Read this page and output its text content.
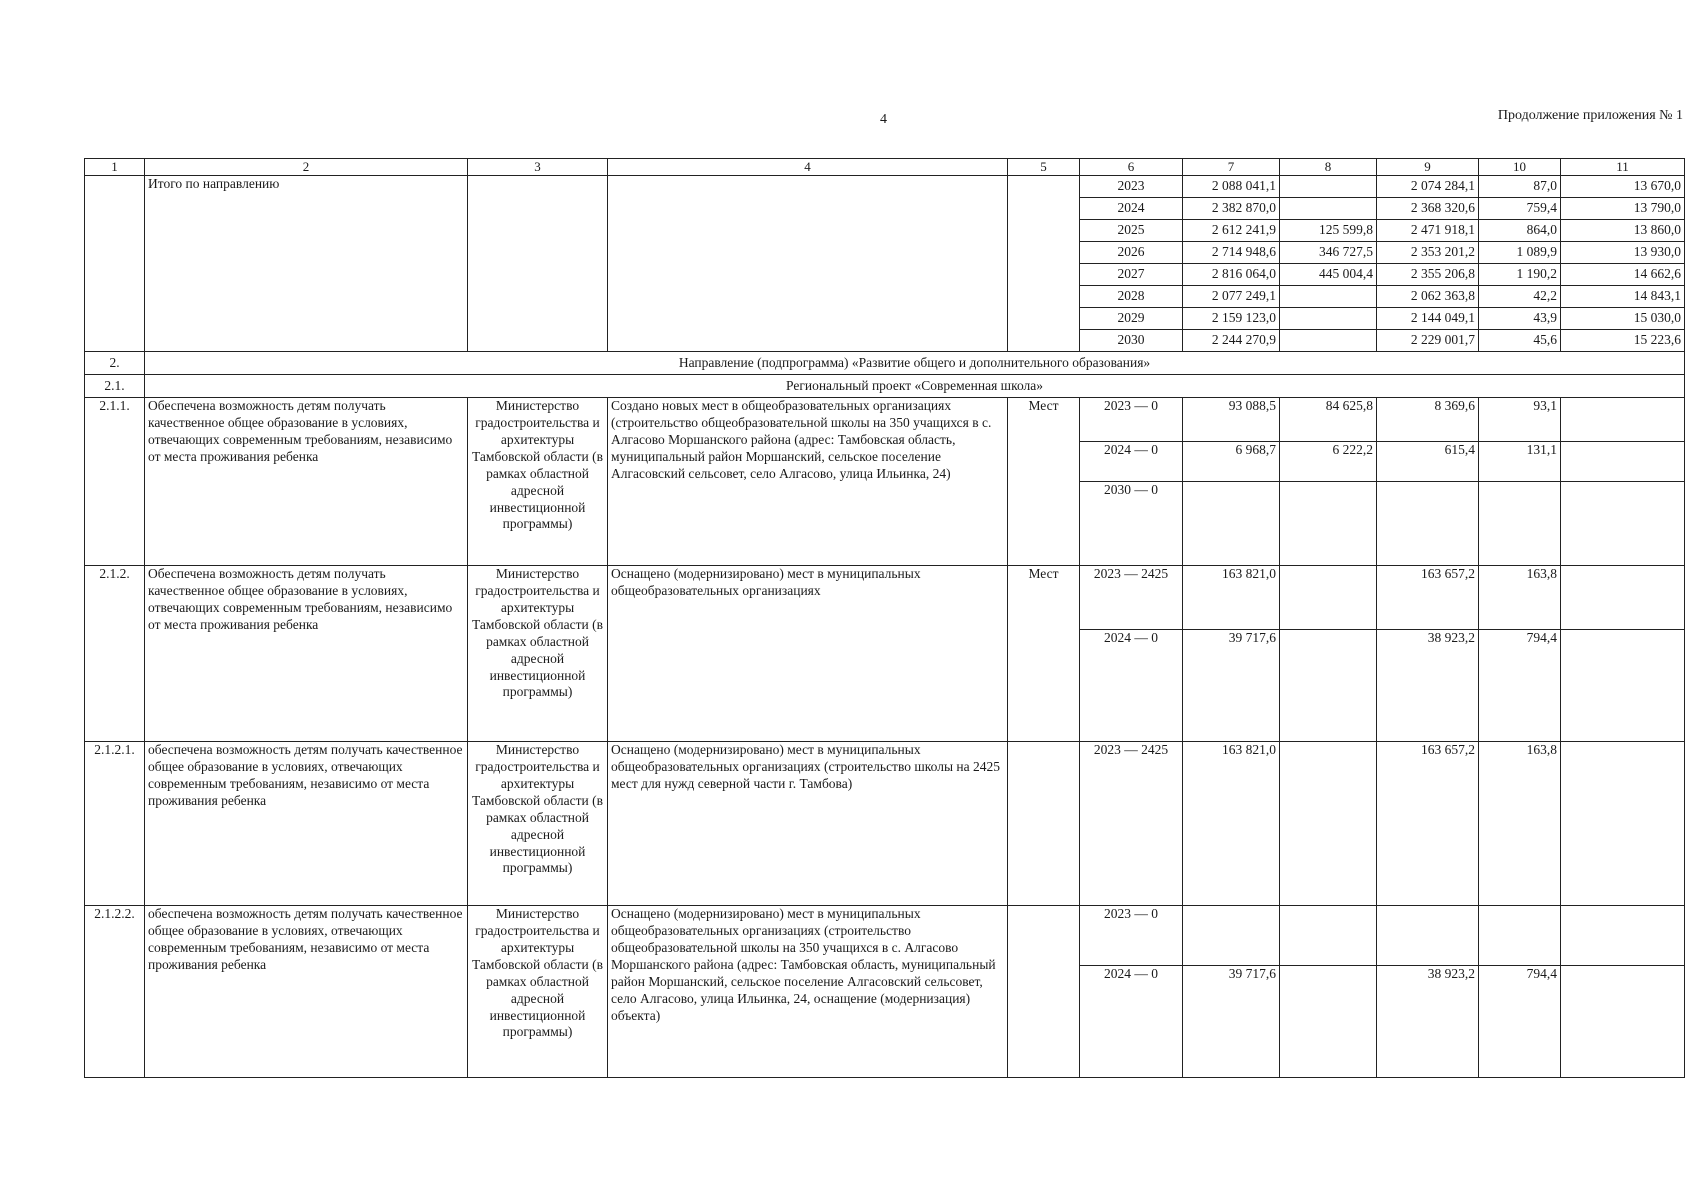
4	Продолжение приложения № 1
1	2	3	4	5	6	7	8	9	10	11
	Итого по направлению				2023	2 088 041,1		2 074 284,1	87,0	13 670,0
					2024	2 382 870,0		2 368 320,6	759,4	13 790,0
					2025	2 612 241,9	125 599,8	2 471 918,1	864,0	13 860,0
					2026	2 714 948,6	346 727,5	2 353 201,2	1 089,9	13 930,0
					2027	2 816 064,0	445 004,4	2 355 206,8	1 190,2	14 662,6
					2028	2 077 249,1		2 062 363,8	42,2	14 843,1
					2029	2 159 123,0		2 144 049,1	43,9	15 030,0
					2030	2 244 270,9		2 229 001,7	45,6	15 223,6
2.	Направление (подпрограмма) «Развитие общего и дополнительного образования»									
2.1.	Региональный проект «Современная школа»									
2.1.1.	Обеспечена возможность детям получать качественное общее образование в условиях, отвечающих современным требованиям, независимо от места проживания ребенка	Министерство градостроительства и архитектуры Тамбовской области (в рамках областной адресной инвестиционной программы)	Создано новых мест в общеобразовательных организациях (строительство общеобразовательной школы на 350 учащихся в с. Алгасово Моршанского района (адрес: Тамбовская область, муниципальный район Моршанский, сельское поселение Алгасовский сельсовет, село Алгасово, улица Ильинка, 24)	Мест	2023 — 0	93 088,5	84 625,8	8 369,6	93,1	
					2024 — 0	6 968,7	6 222,2	615,4	131,1	
					2030 — 0					
2.1.2.	Обеспечена возможность детям получать качественное общее образование в условиях, отвечающих современным требованиям, независимо от места проживания ребенка	Министерство градостроительства и архитектуры Тамбовской области (в рамках областной адресной инвестиционной программы)	Оснащено (модернизировано) мест в муниципальных общеобразовательных организациях	Мест	2023 — 2425	163 821,0		163 657,2	163,8	
					2024 — 0	39 717,6		38 923,2	794,4	
2.1.2.1.	обеспечена возможность детям получать качественное общее образование в условиях, отвечающих современным требованиям, независимо от места проживания ребенка	Министерство градостроительства и архитектуры Тамбовской области (в рамках областной адресной инвестиционной программы)	Оснащено (модернизировано) мест в муниципальных общеобразовательных организациях (строительство школы на 2425 мест для нужд северной части г. Тамбова)		2023 — 2425	163 821,0		163 657,2	163,8	
2.1.2.2.	обеспечена возможность детям получать качественное общее образование в условиях, отвечающих современным требованиям, независимо от места проживания ребенка	Министерство градостроительства и архитектуры Тамбовской области (в рамках областной адресной инвестиционной программы)	Оснащено (модернизировано) мест в муниципальных общеобразовательных организациях (строительство общеобразовательной школы на 350 учащихся в с. Алгасово Моршанского района (адрес: Тамбовская область, муниципальный район Моршанский, сельское поселение Алгасовский сельсовет, село Алгасово, улица Ильинка, 24, оснащение (модернизация) объекта)		2023 — 0					
					2024 — 0	39 717,6		38 923,2	794,4	
